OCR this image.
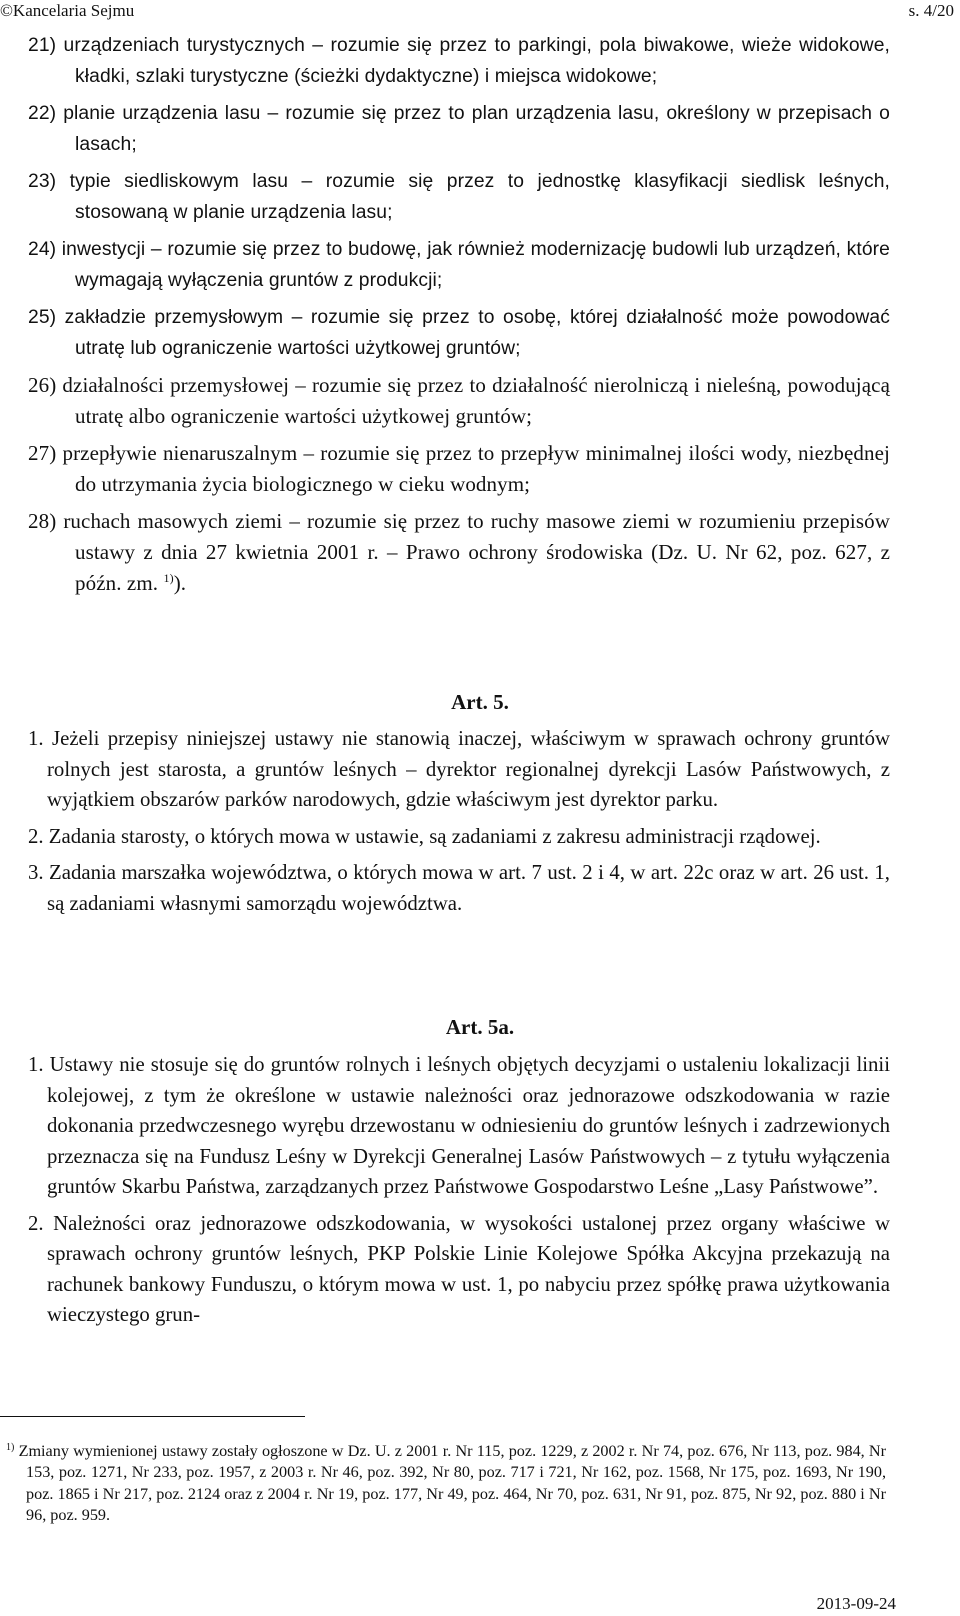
©Kancelaria Sejmu	s. 4/20

21) urządzeniach turystycznych – rozumie się przez to parkingi, pola biwakowe, wieże widokowe, kładki, szlaki turystyczne (ścieżki dydaktyczne) i miejsca widokowe;

22) planie urządzenia lasu – rozumie się przez to plan urządzenia lasu, określony w przepisach o lasach;

23) typie siedliskowym lasu – rozumie się przez to jednostkę klasyfikacji siedlisk leśnych, stosowaną w planie urządzenia lasu;

24) inwestycji – rozumie się przez to budowę, jak również modernizację budowli lub urządzeń, które wymagają wyłączenia gruntów z produkcji;

25) zakładzie przemysłowym – rozumie się przez to osobę, której działalność może powodować utratę lub ograniczenie wartości użytkowej gruntów;

26) działalności przemysłowej – rozumie się przez to działalność nierolniczą i nieleśną, powodującą utratę albo ograniczenie wartości użytkowej gruntów;

27) przepływie nienaruszalnym – rozumie się przez to przepływ minimalnej ilości wody, niezbędnej do utrzymania życia biologicznego w cieku wodnym;

28) ruchach masowych ziemi – rozumie się przez to ruchy masowe ziemi w rozumieniu przepisów ustawy z dnia 27 kwietnia 2001 r. – Prawo ochrony środowiska (Dz. U. Nr 62, poz. 627, z późn. zm. $^{1)}$).

Art. 5.

1. Jeżeli przepisy niniejszej ustawy nie stanowią inaczej, właściwym w sprawach ochrony gruntów rolnych jest starosta, a gruntów leśnych – dyrektor regionalnej dyrekcji Lasów Państwowych, z wyjątkiem obszarów parków narodowych, gdzie właściwym jest dyrektor parku.

2. Zadania starosty, o których mowa w ustawie, są zadaniami z zakresu administracji rządowej.

3. Zadania marszałka województwa, o których mowa w art. 7 ust. 2 i 4, w art. 22c oraz w art. 26 ust. 1, są zadaniami własnymi samorządu województwa.

Art. 5a.

1. Ustawy nie stosuje się do gruntów rolnych i leśnych objętych decyzjami o ustaleniu lokalizacji linii kolejowej, z tym że określone w ustawie należności oraz jednorazowe odszkodowania w razie dokonania przedwczesnego wyrębu drzewostanu w odniesieniu do gruntów leśnych i zadrzewionych przeznacza się na Fundusz Leśny w Dyrekcji Generalnej Lasów Państwowych – z tytułu wyłączenia gruntów Skarbu Państwa, zarządzanych przez Państwowe Gospodarstwo Leśne „Lasy Państwowe”.

2. Należności oraz jednorazowe odszkodowania, w wysokości ustalonej przez organy właściwe w sprawach ochrony gruntów leśnych, PKP Polskie Linie Kolejowe Spółka Akcyjna przekazują na rachunek bankowy Funduszu, o którym mowa w ust. 1, po nabyciu przez spółkę prawa użytkowania wieczystego grun-

$^{1)}$ Zmiany wymienionej ustawy zostały ogłoszone w Dz. U. z 2001 r. Nr 115, poz. 1229, z 2002 r. Nr 74, poz. 676, Nr 113, poz. 984, Nr 153, poz. 1271, Nr 233, poz. 1957, z 2003 r. Nr 46, poz. 392, Nr 80, poz. 717 i 721, Nr 162, poz. 1568, Nr 175, poz. 1693, Nr 190, poz. 1865 i Nr 217, poz. 2124 oraz z 2004 r. Nr 19, poz. 177, Nr 49, poz. 464, Nr 70, poz. 631, Nr 91, poz. 875, Nr 92, poz. 880 i Nr 96, poz. 959.

2013-09-24
